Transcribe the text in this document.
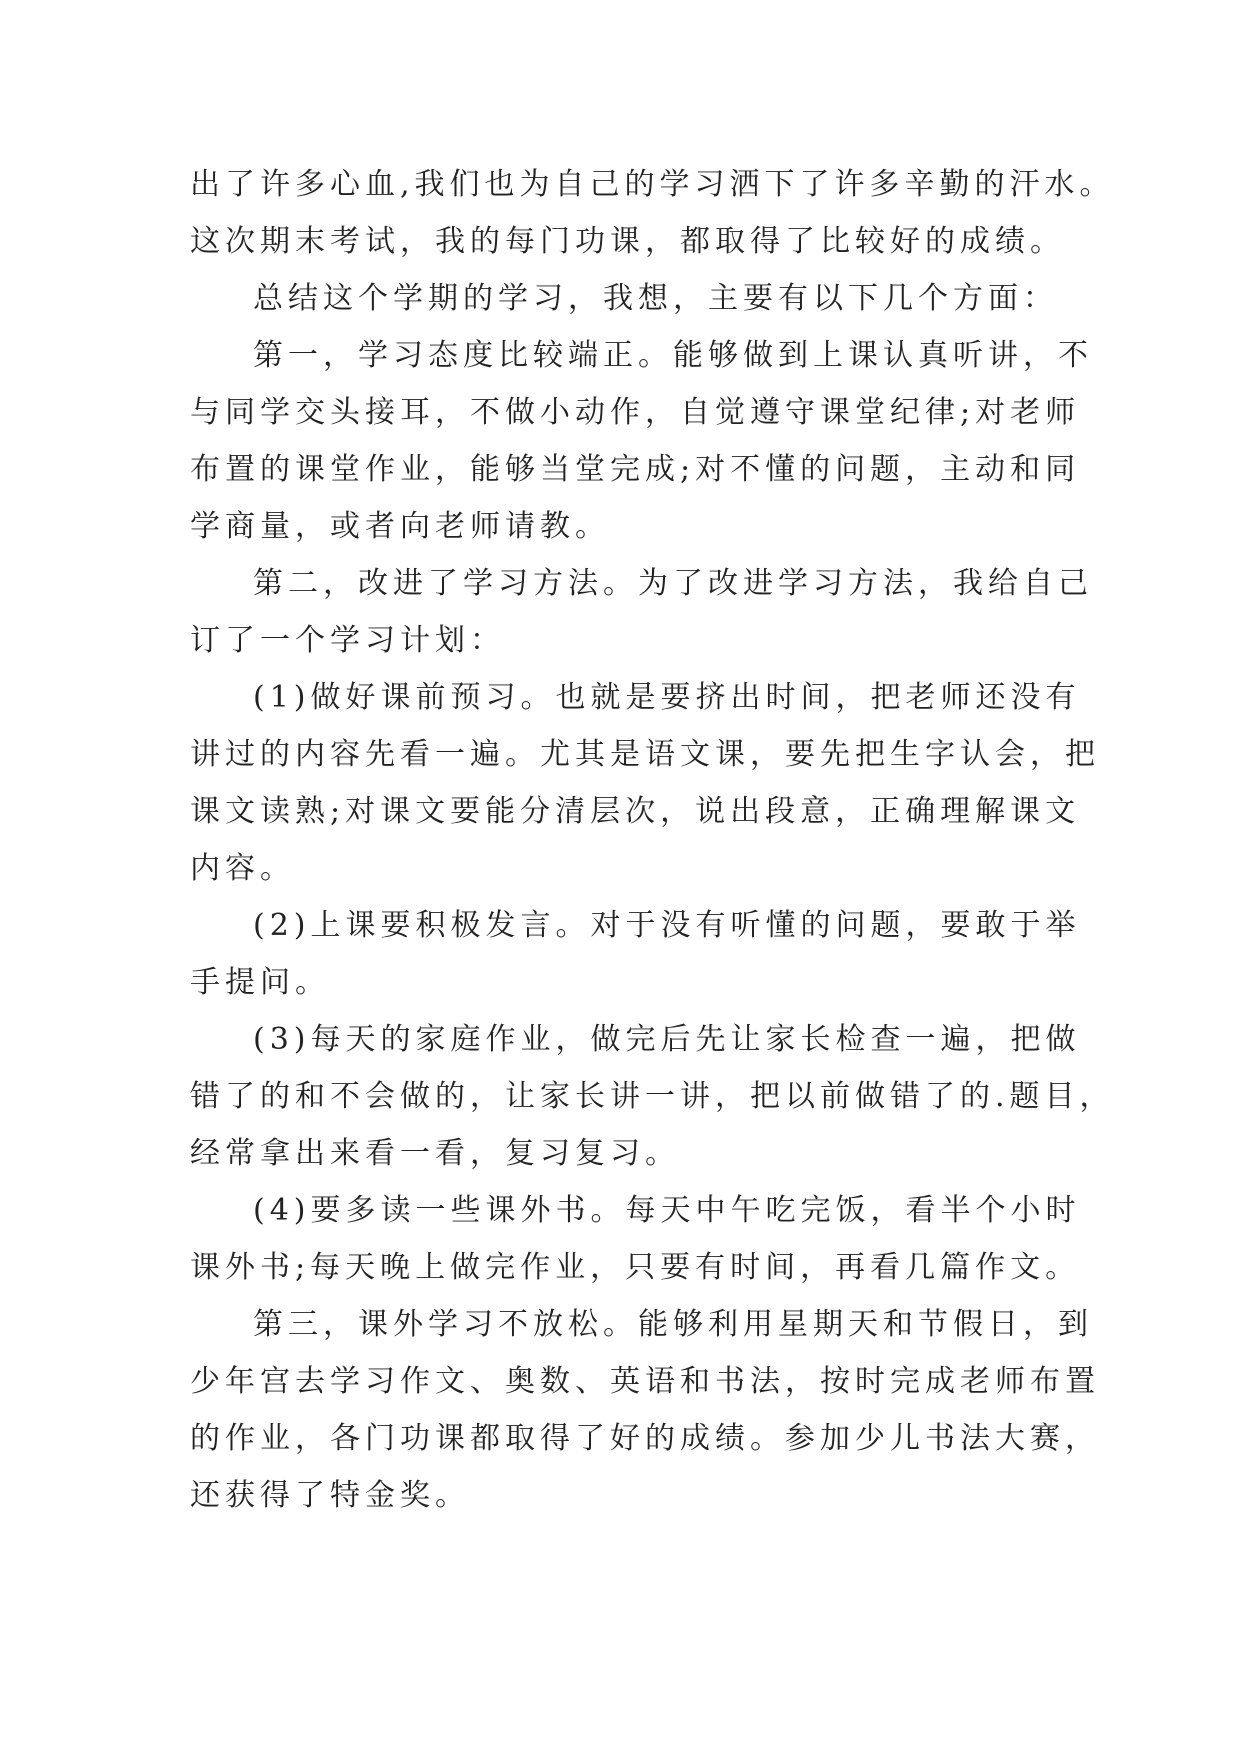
出了许多心血,我们也为自己的学习洒下了许多辛勤的汗水。
这次期末考试，我的每门功课，都取得了比较好的成绩。
总结这个学期的学习，我想，主要有以下几个方面：
第一，学习态度比较端正。能够做到上课认真听讲，不
与同学交头接耳，不做小动作，自觉遵守课堂纪律;对老师
布置的课堂作业，能够当堂完成;对不懂的问题，主动和同
学商量，或者向老师请教。
第二，改进了学习方法。为了改进学习方法，我给自己
订了一个学习计划：
(1)做好课前预习。也就是要挤出时间，把老师还没有
讲过的内容先看一遍。尤其是语文课，要先把生字认会，把
课文读熟;对课文要能分清层次，说出段意，正确理解课文
内容。
(2)上课要积极发言。对于没有听懂的问题，要敢于举
手提问。
(3)每天的家庭作业，做完后先让家长检查一遍，把做
错了的和不会做的，让家长讲一讲，把以前做错了的.题目，
经常拿出来看一看，复习复习。
(4)要多读一些课外书。每天中午吃完饭，看半个小时
课外书;每天晚上做完作业，只要有时间，再看几篇作文。
第三，课外学习不放松。能够利用星期天和节假日，到
少年宫去学习作文、奥数、英语和书法，按时完成老师布置
的作业，各门功课都取得了好的成绩。参加少儿书法大赛，
还获得了特金奖。
